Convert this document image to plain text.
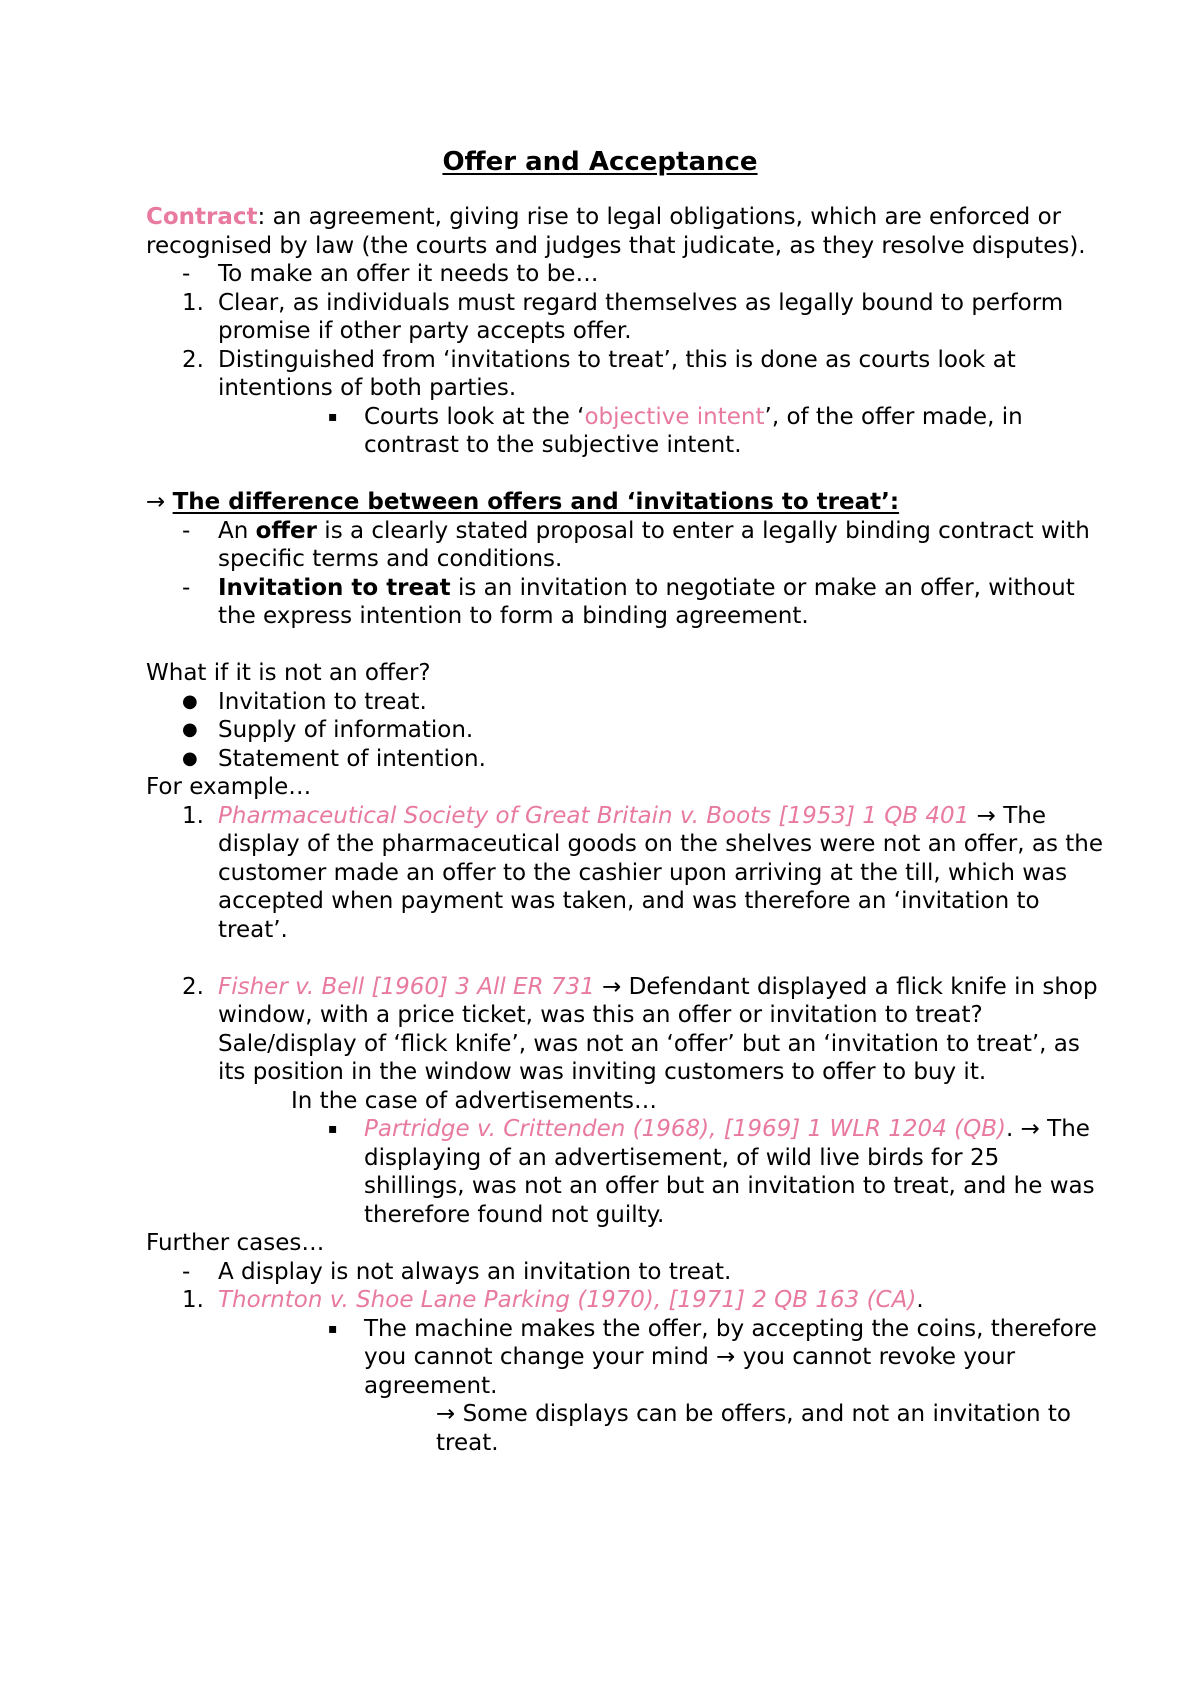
Offer and Acceptance

Contract: an agreement, giving rise to legal obligations, which are enforced or recognised by law (the courts and judges that judicate, as they resolve disputes).

-	To make an offer it needs to be…
1. Clear, as individuals must regard themselves as legally bound to perform promise if other party accepts offer.
2. Distinguished from ‘invitations to treat’, this is done as courts look at intentions of both parties.
▪	Courts look at the ‘objective intent’, of the offer made, in contrast to the subjective intent.

→ The difference between offers and ‘invitations to treat’:

-	An offer is a clearly stated proposal to enter a legally binding contract with specific terms and conditions.
-	Invitation to treat is an invitation to negotiate or make an offer, without the express intention to form a binding agreement.

What if it is not an offer?

● Invitation to treat.
● Supply of information.
● Statement of intention.

For example…

1. Pharmaceutical Society of Great Britain v. Boots [1953] 1 QB 401 → The display of the pharmaceutical goods on the shelves were not an offer, as the customer made an offer to the cashier upon arriving at the till, which was accepted when payment was taken, and was therefore an ‘invitation to treat’.
2. Fisher v. Bell [1960] 3 All ER 731 → Defendant displayed a flick knife in shop window, with a price ticket, was this an offer or invitation to treat? Sale/display of ‘flick knife’, was not an ‘offer’ but an ‘invitation to treat’, as its position in the window was inviting customers to offer to buy it.

In the case of advertisements…

▪	Partridge v. Crittenden (1968), [1969] 1 WLR 1204 (QB). → The displaying of an advertisement, of wild live birds for 25 shillings, was not an offer but an invitation to treat, and he was therefore found not guilty.

Further cases…

-	A display is not always an invitation to treat.
1. Thornton v. Shoe Lane Parking (1970), [1971] 2 QB 163 (CA).
▪	The machine makes the offer, by accepting the coins, therefore you cannot change your mind → you cannot revoke your agreement.

→ Some displays can be offers, and not an invitation to treat.
